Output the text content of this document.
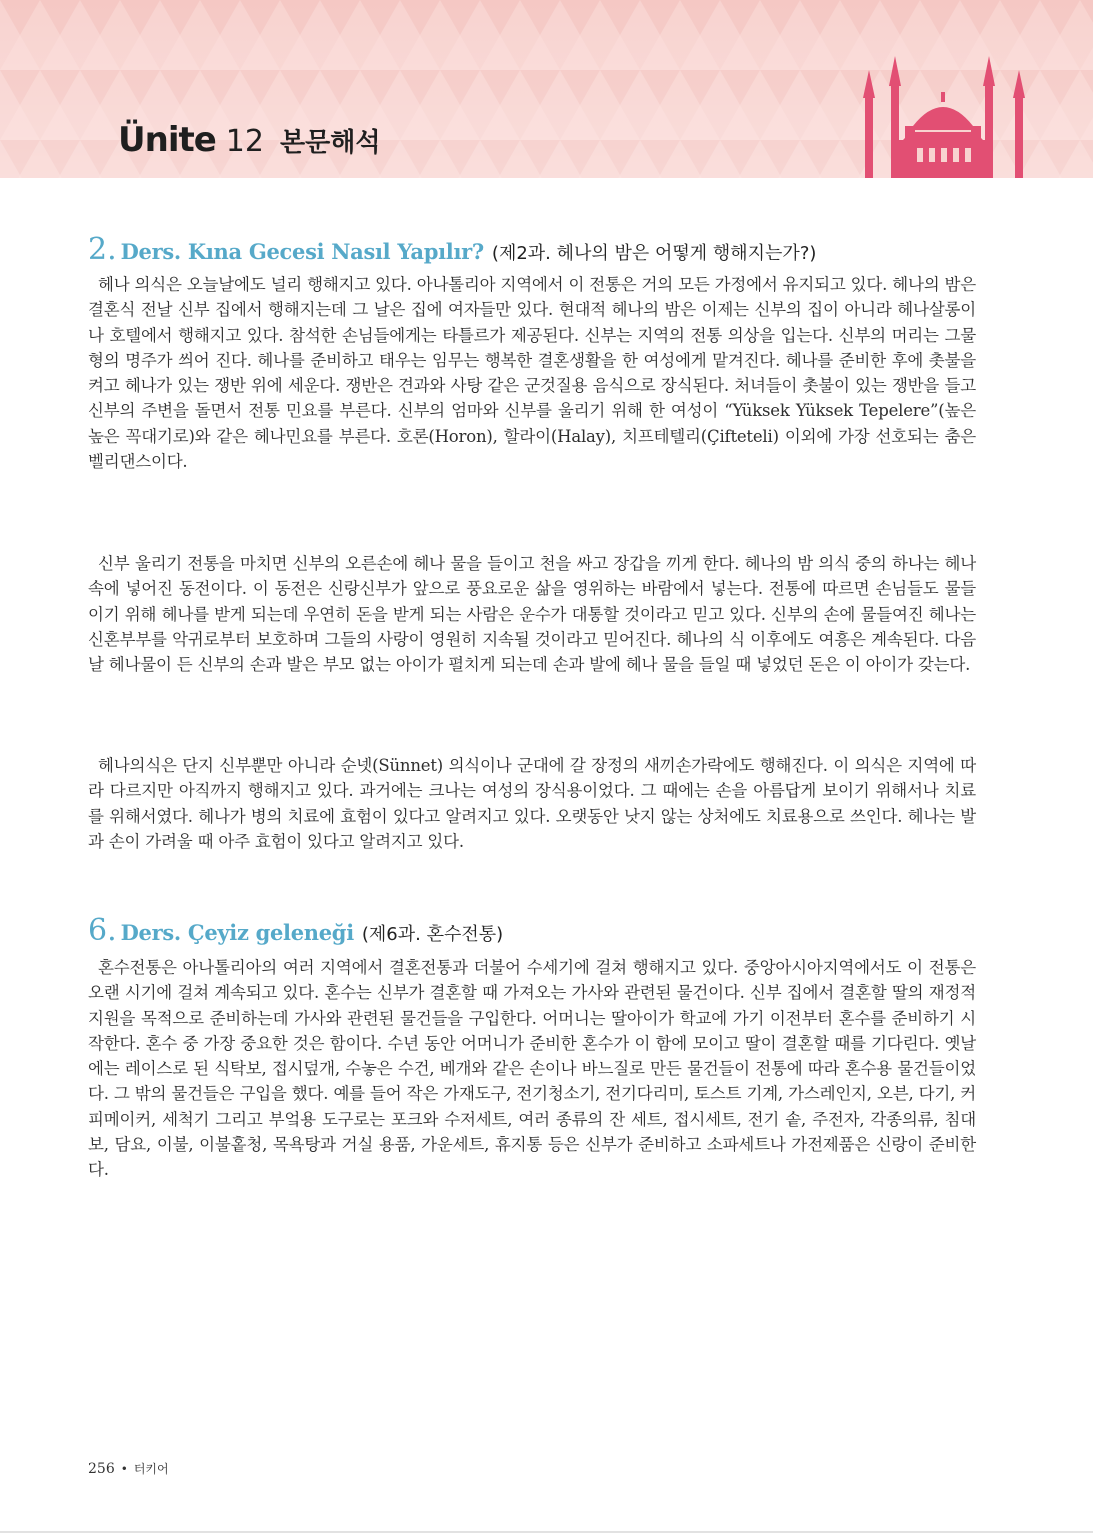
Ünite 12 본문해석
2. Ders. Kına Gecesi Nasıl Yapılır? (제2과. 헤나의 밤은 어떻게 행해지는가?)

헤나 의식은 오늘날에도 널리 행해지고 있다. 아나톨리아 지역에서 이 전통은 거의 모든 가정에서 유지되고 있다. 헤나의 밤은 결혼식 전날 신부 집에서 행해지는데 그 날은 집에 여자들만 있다. 현대적 헤나의 밤은 이제는 신부의 집이 아니라 헤나살롱이나 호텔에서 행해지고 있다. 참석한 손님들에게는 타틀르가 제공된다. 신부는 지역의 전통 의상을 입는다. 신부의 머리는 그물형의 명주가 씌어 진다. 헤나를 준비하고 태우는 임무는 행복한 결혼생활을 한 여성에게 맡겨진다. 헤나를 준비한 후에 촛불을 켜고 헤나가 있는 쟁반 위에 세운다. 쟁반은 견과와 사탕 같은 군것질용 음식으로 장식된다. 처녀들이 촛불이 있는 쟁반을 들고 신부의 주변을 돌면서 전통 민요를 부른다. 신부의 엄마와 신부를 울리기 위해 한 여성이 “Yüksek Yüksek Tepelere”(높은 높은 꼭대기로)와 같은 헤나민요를 부른다. 호론(Horon), 할라이(Halay), 치프테텔리(Çifteteli) 이외에 가장 선호되는 춤은 벨리댄스이다.

신부 울리기 전통을 마치면 신부의 오른손에 헤나 물을 들이고 천을 싸고 장갑을 끼게 한다. 헤나의 밤 의식 중의 하나는 헤나 속에 넣어진 동전이다. 이 동전은 신랑신부가 앞으로 풍요로운 삶을 영위하는 바람에서 넣는다. 전통에 따르면 손님들도 물들이기 위해 헤나를 받게 되는데 우연히 돈을 받게 되는 사람은 운수가 대통할 것이라고 믿고 있다. 신부의 손에 물들여진 헤나는 신혼부부를 악귀로부터 보호하며 그들의 사랑이 영원히 지속될 것이라고 믿어진다. 헤나의 식 이후에도 여흥은 계속된다. 다음 날 헤나물이 든 신부의 손과 발은 부모 없는 아이가 펼치게 되는데 손과 발에 헤나 물을 들일 때 넣었던 돈은 이 아이가 갖는다.

헤나의식은 단지 신부뿐만 아니라 순넷(Sünnet) 의식이나 군대에 갈 장정의 새끼손가락에도 행해진다. 이 의식은 지역에 따라 다르지만 아직까지 행해지고 있다. 과거에는 크나는 여성의 장식용이었다. 그 때에는 손을 아름답게 보이기 위해서나 치료를 위해서였다. 헤나가 병의 치료에 효험이 있다고 알려지고 있다. 오랫동안 낫지 않는 상처에도 치료용으로 쓰인다. 헤나는 발과 손이 가려울 때 아주 효험이 있다고 알려지고 있다.

6. Ders. Çeyiz geleneği (제6과. 혼수전통)

혼수전통은 아나톨리아의 여러 지역에서 결혼전통과 더불어 수세기에 걸쳐 행해지고 있다. 중앙아시아지역에서도 이 전통은 오랜 시기에 걸쳐 계속되고 있다. 혼수는 신부가 결혼할 때 가져오는 가사와 관련된 물건이다. 신부 집에서 결혼할 딸의 재정적 지원을 목적으로 준비하는데 가사와 관련된 물건들을 구입한다. 어머니는 딸아이가 학교에 가기 이전부터 혼수를 준비하기 시작한다. 혼수 중 가장 중요한 것은 함이다. 수년 동안 어머니가 준비한 혼수가 이 함에 모이고 딸이 결혼할 때를 기다린다. 옛날에는 레이스로 된 식탁보, 접시덮개, 수놓은 수건, 베개와 같은 손이나 바느질로 만든 물건들이 전통에 따라 혼수용 물건들이었다. 그 밖의 물건들은 구입을 했다. 예를 들어 작은 가재도구, 전기청소기, 전기다리미, 토스트 기계, 가스레인지, 오븐, 다기, 커피메이커, 세척기 그리고 부엌용 도구로는 포크와 수저세트, 여러 종류의 잔 세트, 접시세트, 전기 솥, 주전자, 각종의류, 침대보, 담요, 이불, 이불홑청, 목욕탕과 거실 용품, 가운세트, 휴지통 등은 신부가 준비하고 소파세트나 가전제품은 신랑이 준비한다.

256 • 터키어
